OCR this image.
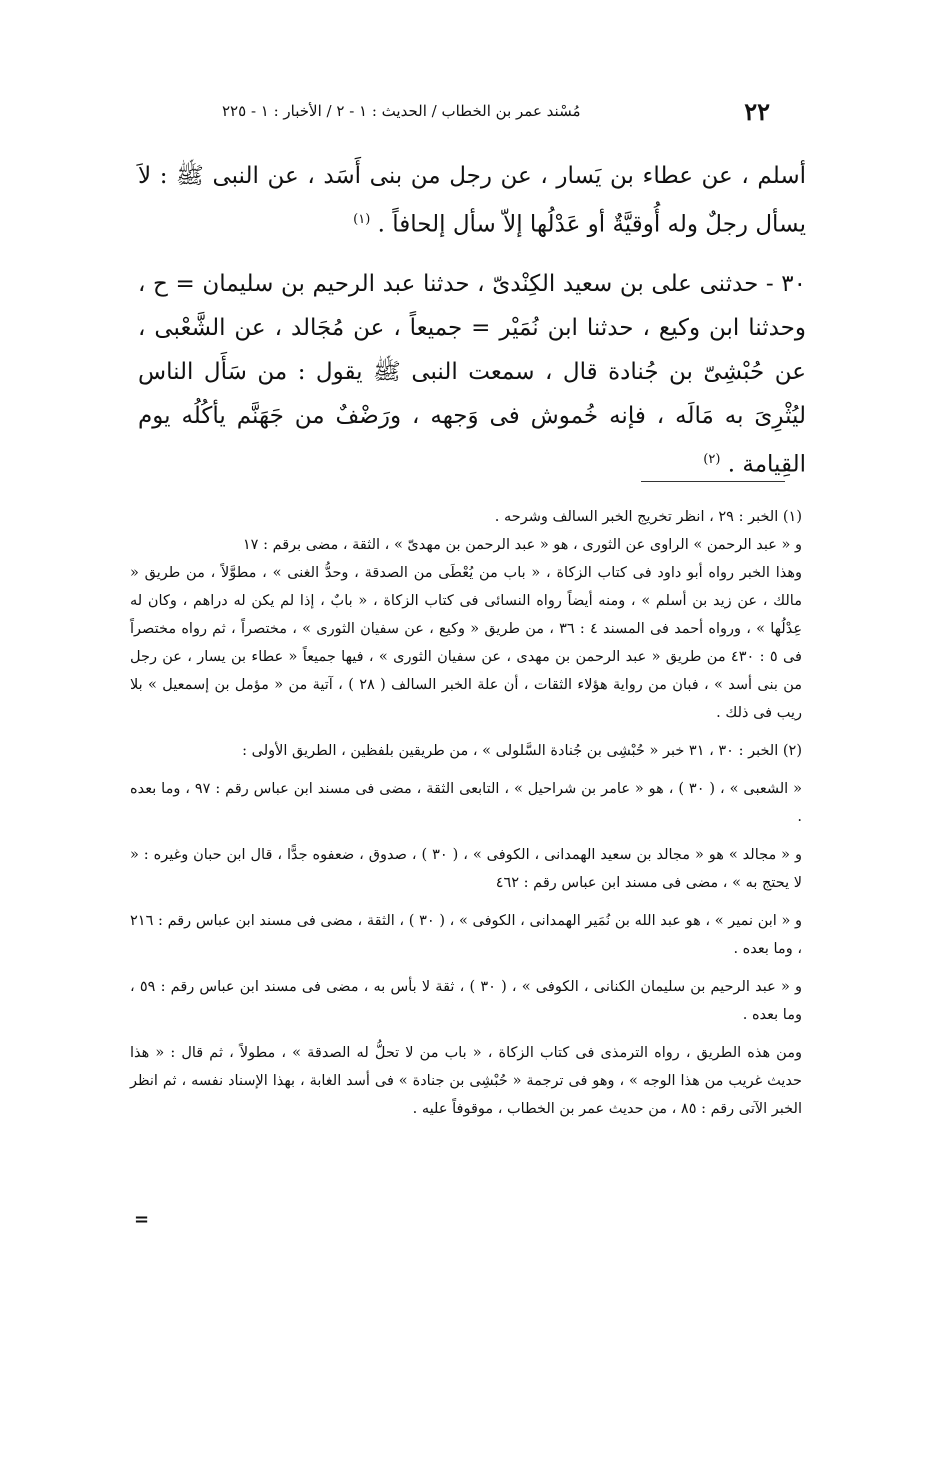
٢٢
مُسْند عمر بن الخطاب / الحديث : ١ - ٢ / الأخبار : ١ - ٢٢٥

أسلم ، عن عطاء بن يَسار ، عن رجل من بنى أَسَد ، عن النبى ﷺ : لاَ يسأل رجلٌ وله أُوقيَّةٌ أو عَدْلُها إلاّ سأل إلحافاً . $^{(١)}$

٣٠ - حدثنى على بن سعيد الكِنْدىّ ، حدثنا عبد الرحيم بن سليمان = ح ، وحدثنا ابن وكيع ، حدثنا ابن نُمَيْر = جميعاً ، عن مُجَالد ، عن الشَّعْبى ، عن حُبْشِىّ بن جُنادة قال ، سمعت النبى ﷺ يقول : من سَأَل الناس ليُثْرِىَ به مَالَه ، فإنه خُموش فى وَجهه ، ورَضْفٌ من جَهَنَّم يأكُلُه يوم القِيامة . $^{(٢)}$

(١) الخبر : ٢٩ ، انظر تخريج الخبر السالف وشرحه .

و « عبد الرحمن » الراوى عن الثورى ، هو « عبد الرحمن بن مهدىّ » ، الثقة ، مضى برقم : ١٧

وهذا الخبر رواه أبو داود فى كتاب الزكاة ، « باب من يُعْطَى من الصدقة ، وحدُّ الغنى » ، مطوَّلاً ، من طريق « مالك ، عن زيد بن أسلم » ، ومنه أيضاً رواه النسائى فى كتاب الزكاة ، « بابٌ ، إذا لم يكن له دراهم ، وكان له عِدْلُها » ، ورواه أحمد فى المسند ٤ : ٣٦ ، من طريق « وكيع ، عن سفيان الثورى » ، مختصراً ، ثم رواه مختصراً فى ٥ : ٤٣٠ من طريق « عبد الرحمن بن مهدى ، عن سفيان الثورى » ، فيها جميعاً « عطاء بن يسار ، عن رجل من بنى أسد » ، فبان من رواية هؤلاء الثقات ، أن علة الخبر السالف ( ٢٨ ) ، آتية من « مؤمل بن إسمعيل » بلا ريب فى ذلك .

(٢) الخبر : ٣٠ ، ٣١ خبر « حُبْشِى بن جُنادة السَّلولى » ، من طريقين بلفظين ، الطريق الأولى :

« الشعبى » ، ( ٣٠ ) ، هو « عامر بن شراحيل » ، التابعى الثقة ، مضى فى مسند ابن عباس رقم : ٩٧ ، وما بعده .

و « مجالد » هو « مجالد بن سعيد الهمدانى ، الكوفى » ، ( ٣٠ ) ، صدوق ، ضعفوه جدًّا ، قال ابن حبان وغيره : « لا يحتج به » ، مضى فى مسند ابن عباس رقم : ٤٦٢

و « ابن نمير » ، هو عبد الله بن نُمَير الهمدانى ، الكوفى » ، ( ٣٠ ) ، الثقة ، مضى فى مسند ابن عباس رقم : ٢١٦ ، وما بعده .

و « عبد الرحيم بن سليمان الكنانى ، الكوفى » ، ( ٣٠ ) ، ثقة لا بأس به ، مضى فى مسند ابن عباس رقم : ٥٩ ، وما بعده .

ومن هذه الطريق ، رواه الترمذى فى كتاب الزكاة ، « باب من لا تحلُّ له الصدقة » ، مطولاً ، ثم قال : « هذا حديث غريب من هذا الوجه » ، وهو فى ترجمة « حُبْشِى بن جنادة » فى أسد الغابة ، بهذا الإسناد نفسه ، ثم انظر الخبر الآتى رقم : ٨٥ ، من حديث عمر بن الخطاب ، موقوفاً عليه .

=
